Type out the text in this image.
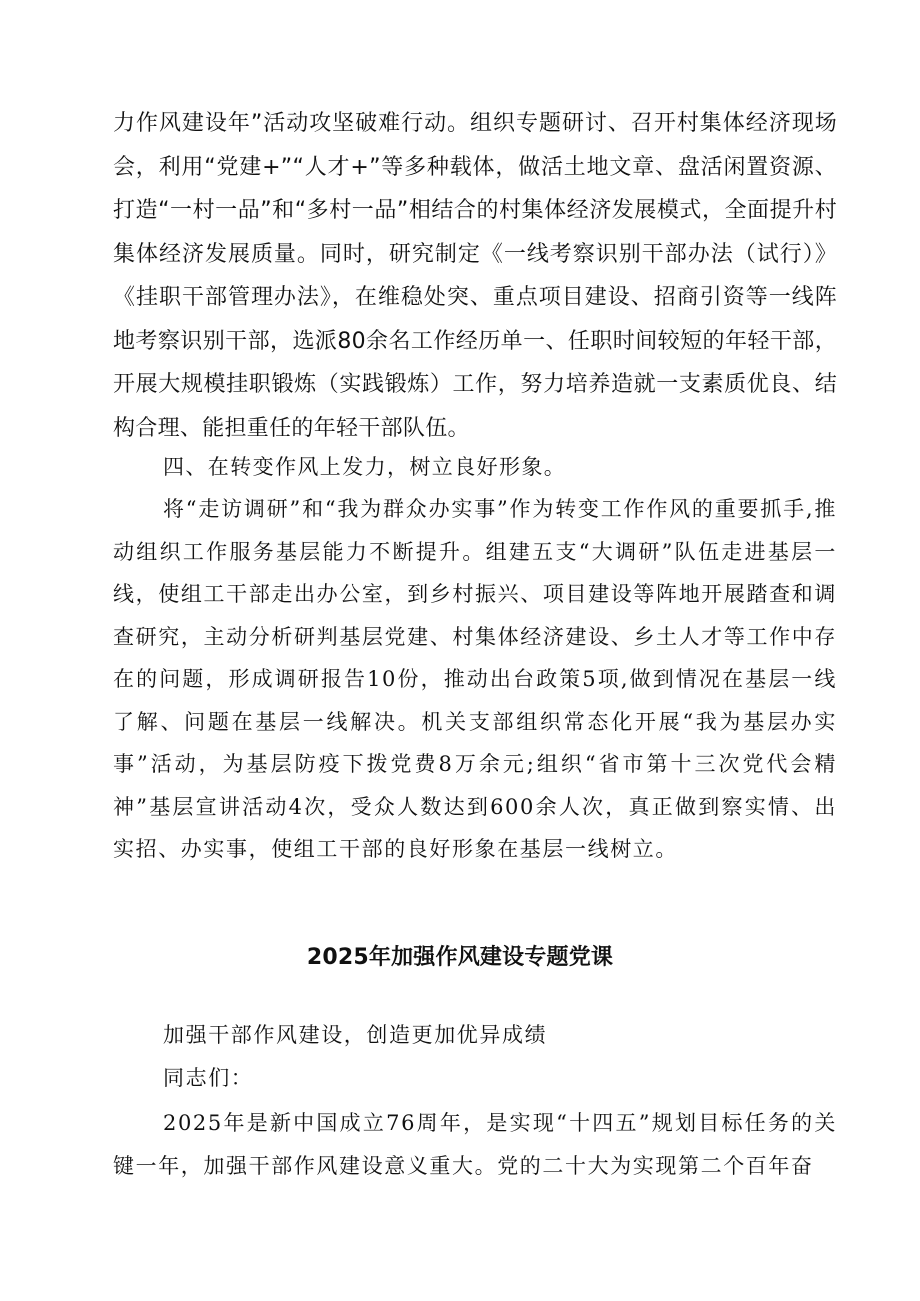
力作风建设年”活动攻坚破难行动。组织专题研讨、召开村集体经济现场会，利用“党建+”“人才+”等多种载体，做活土地文章、盘活闲置资源、打造“一村一品”和“多村一品”相结合的村集体经济发展模式，全面提升村集体经济发展质量。同时，研究制定《一线考察识别干部办法（试行）》《挂职干部管理办法》，在维稳处突、重点项目建设、招商引资等一线阵地考察识别干部，选派80余名工作经历单一、任职时间较短的年轻干部，开展大规模挂职锻炼（实践锻炼）工作，努力培养造就一支素质优良、结构合理、能担重任的年轻干部队伍。

四、在转变作风上发力，树立良好形象。

将“走访调研”和“我为群众办实事”作为转变工作作风的重要抓手,推动组织工作服务基层能力不断提升。组建五支“大调研”队伍走进基层一线，使组工干部走出办公室，到乡村振兴、项目建设等阵地开展踏查和调查研究，主动分析研判基层党建、村集体经济建设、乡土人才等工作中存在的问题，形成调研报告10份，推动出台政策5项,做到情况在基层一线了解、问题在基层一线解决。机关支部组织常态化开展“我为基层办实事”活动，为基层防疫下拨党费8万余元;组织“省市第十三次党代会精神”基层宣讲活动4次，受众人数达到600余人次，真正做到察实情、出实招、办实事，使组工干部的良好形象在基层一线树立。

2025年加强作风建设专题党课

加强干部作风建设，创造更加优异成绩

同志们：

2025年是新中国成立76周年，是实现“十四五”规划目标任务的关键一年，加强干部作风建设意义重大。党的二十大为实现第二个百年奋
